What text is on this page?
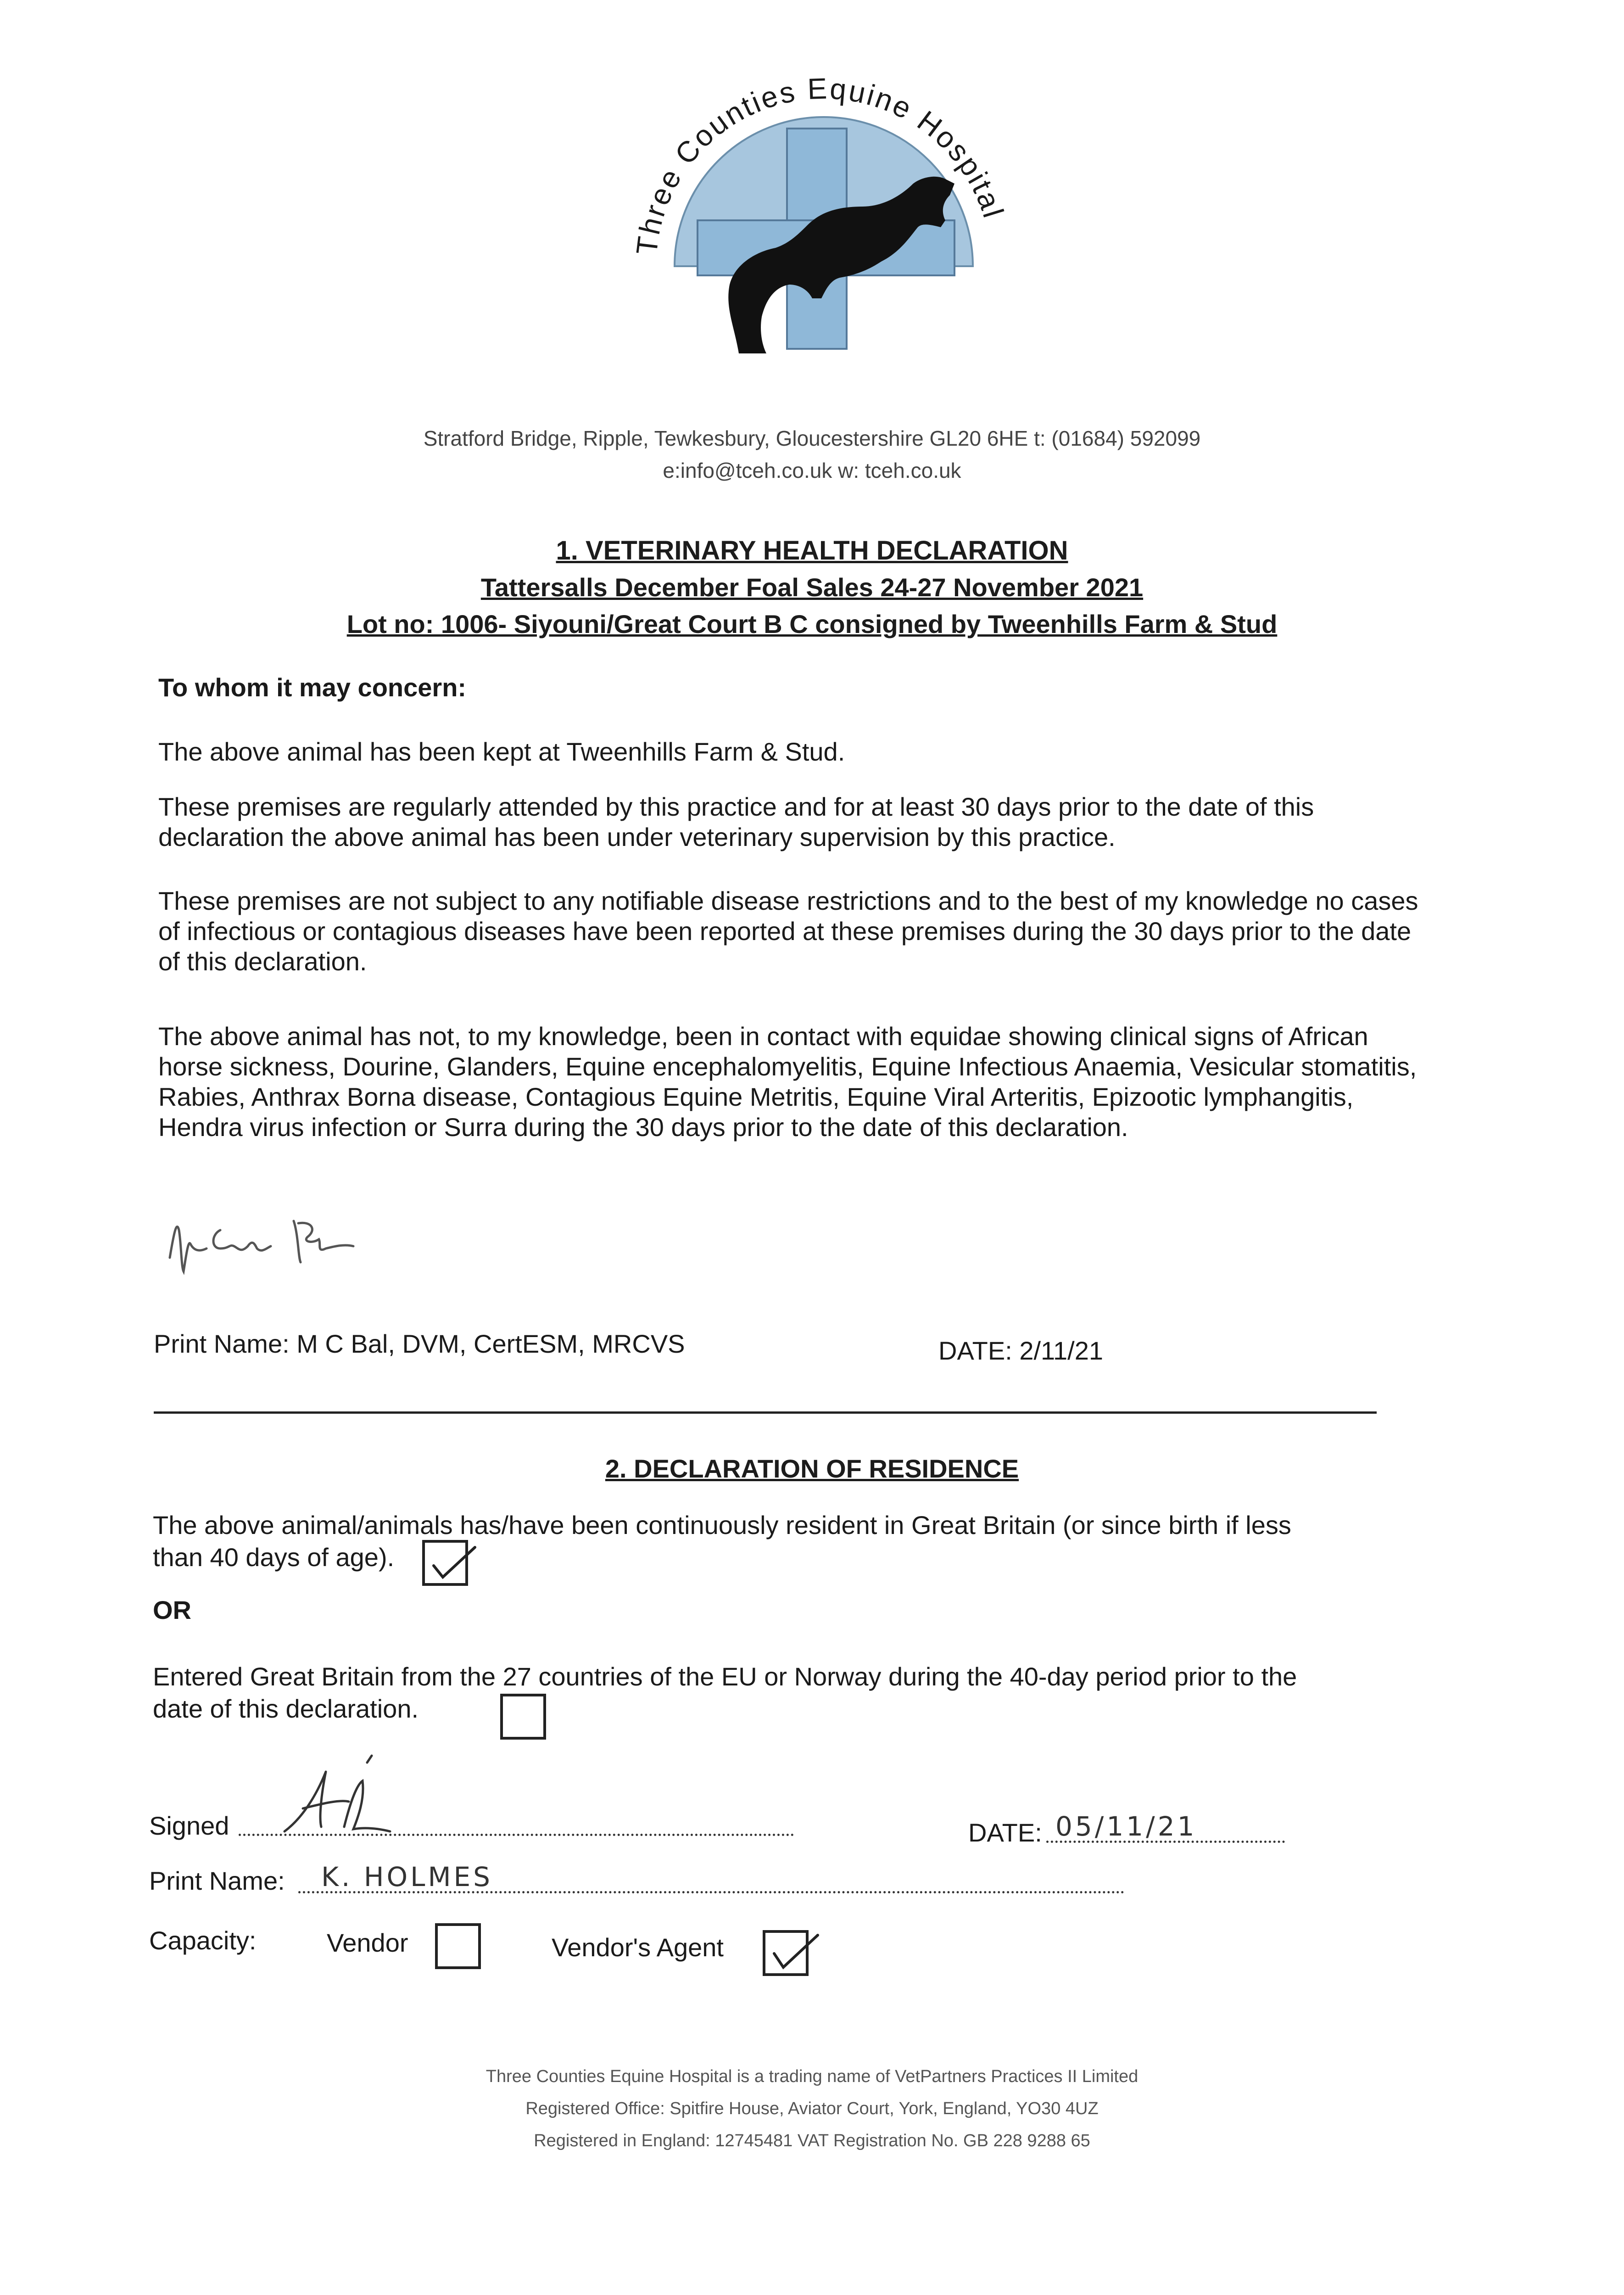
Three Counties Equine Hospital
Stratford Bridge, Ripple, Tewkesbury, Gloucestershire GL20 6HE t: (01684) 592099
e:info@tceh.co.uk w: tceh.co.uk
1. VETERINARY HEALTH DECLARATION
Tattersalls December Foal Sales 24-27 November 2021
Lot no: 1006- Siyouni/Great Court B C consigned by Tweenhills Farm & Stud
To whom it may concern:
The above animal has been kept at Tweenhills Farm & Stud.
These premises are regularly attended by this practice and for at least 30 days prior to the date of this declaration the above animal has been under veterinary supervision by this practice.
These premises are not subject to any notifiable disease restrictions and to the best of my knowledge no cases of infectious or contagious diseases have been reported at these premises during the 30 days prior to the date of this declaration.
The above animal has not, to my knowledge, been in contact with equidae showing clinical signs of African horse sickness, Dourine, Glanders, Equine encephalomyelitis, Equine Infectious Anaemia, Vesicular stomatitis, Rabies, Anthrax Borna disease, Contagious Equine Metritis, Equine Viral Arteritis, Epizootic lymphangitis, Hendra virus infection or Surra during the 30 days prior to the date of this declaration.
Print Name: M C Bal, DVM, CertESM, MRCVS	DATE: 2/11/21
2. DECLARATION OF RESIDENCE
The above animal/animals has/have been continuously resident in Great Britain (or since birth if less
than 40 days of age).
OR
Entered Great Britain from the 27 countries of the EU or Norway during the 40-day period prior to the
date of this declaration.
Signed	DATE: 05/11/21
Print Name: K. HOLMES
Capacity:	Vendor	Vendor's Agent
Three Counties Equine Hospital is a trading name of VetPartners Practices II Limited
Registered Office: Spitfire House, Aviator Court, York, England, YO30 4UZ
Registered in England: 12745481 VAT Registration No. GB 228 9288 65
